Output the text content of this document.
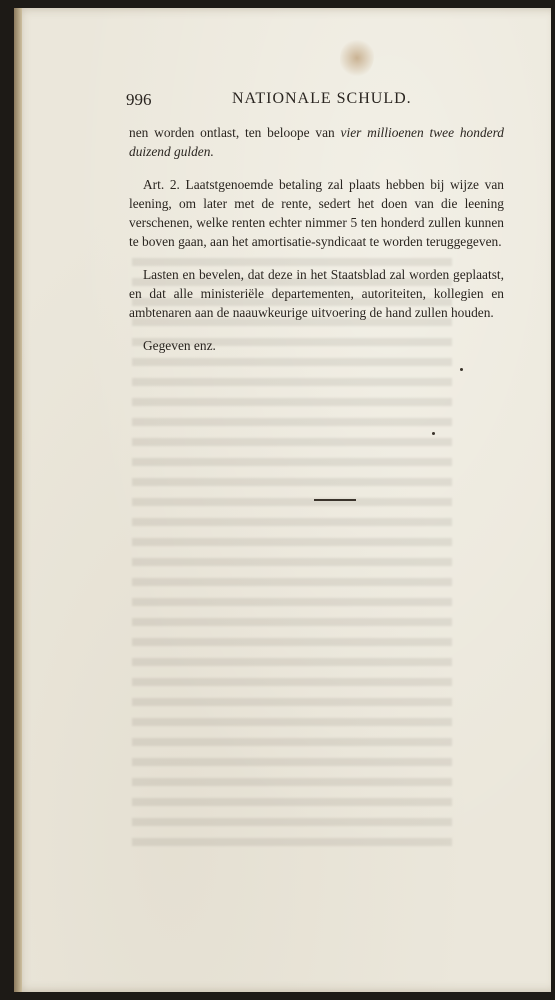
996	NATIONALE SCHULD.

nen worden ontlast, ten beloope van vier millioenen twee honderd duizend gulden.

Art. 2. Laatstgenoemde betaling zal plaats hebben bij wijze van leening, om later met de rente, sedert het doen van die leening verschenen, welke renten echter nimmer 5 ten honderd zullen kunnen te boven gaan, aan het amortisatie-syndicaat te worden teruggegeven.

Lasten en bevelen, dat deze in het Staatsblad zal worden geplaatst, en dat alle ministeriële departementen, autoriteiten, kollegien en ambtenaren aan de naauwkeurige uitvoering de hand zullen houden.

Gegeven enz.
